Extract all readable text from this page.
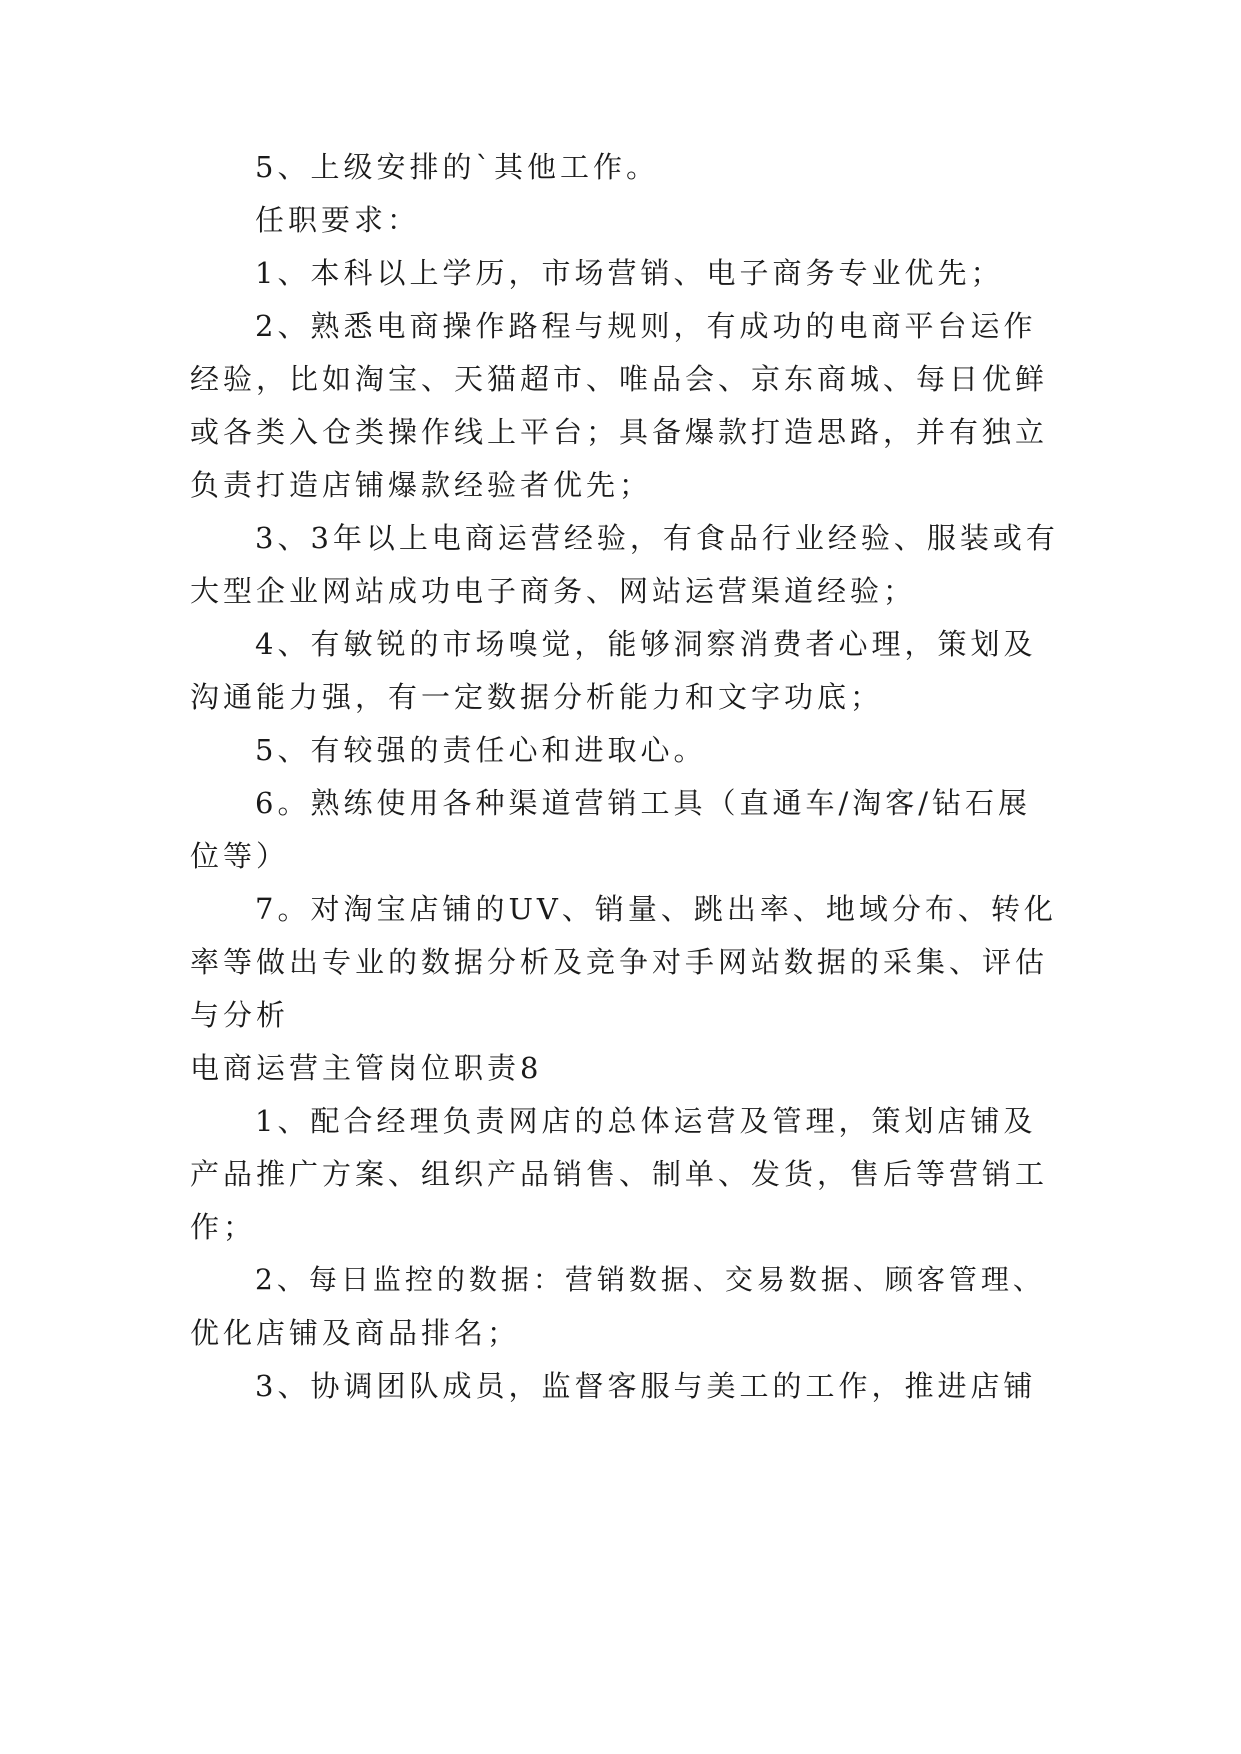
5、上级安排的`其他工作。
任职要求：
1、本科以上学历，市场营销、电子商务专业优先；
2、熟悉电商操作路程与规则，有成功的电商平台运作
经验，比如淘宝、天猫超市、唯品会、京东商城、每日优鲜
或各类入仓类操作线上平台；具备爆款打造思路，并有独立
负责打造店铺爆款经验者优先；
3、3年以上电商运营经验，有食品行业经验、服装或有
大型企业网站成功电子商务、网站运营渠道经验；
4、有敏锐的市场嗅觉，能够洞察消费者心理，策划及
沟通能力强，有一定数据分析能力和文字功底；
5、有较强的责任心和进取心。
6。熟练使用各种渠道营销工具（直通车/淘客/钻石展
位等）
7。对淘宝店铺的UV、销量、跳出率、地域分布、转化
率等做出专业的数据分析及竞争对手网站数据的采集、评估
与分析
电商运营主管岗位职责8
1、配合经理负责网店的总体运营及管理，策划店铺及
产品推广方案、组织产品销售、制单、发货，售后等营销工
作；
2、每日监控的数据：营销数据、交易数据、顾客管理、
优化店铺及商品排名；
3、协调团队成员，监督客服与美工的工作，推进店铺
